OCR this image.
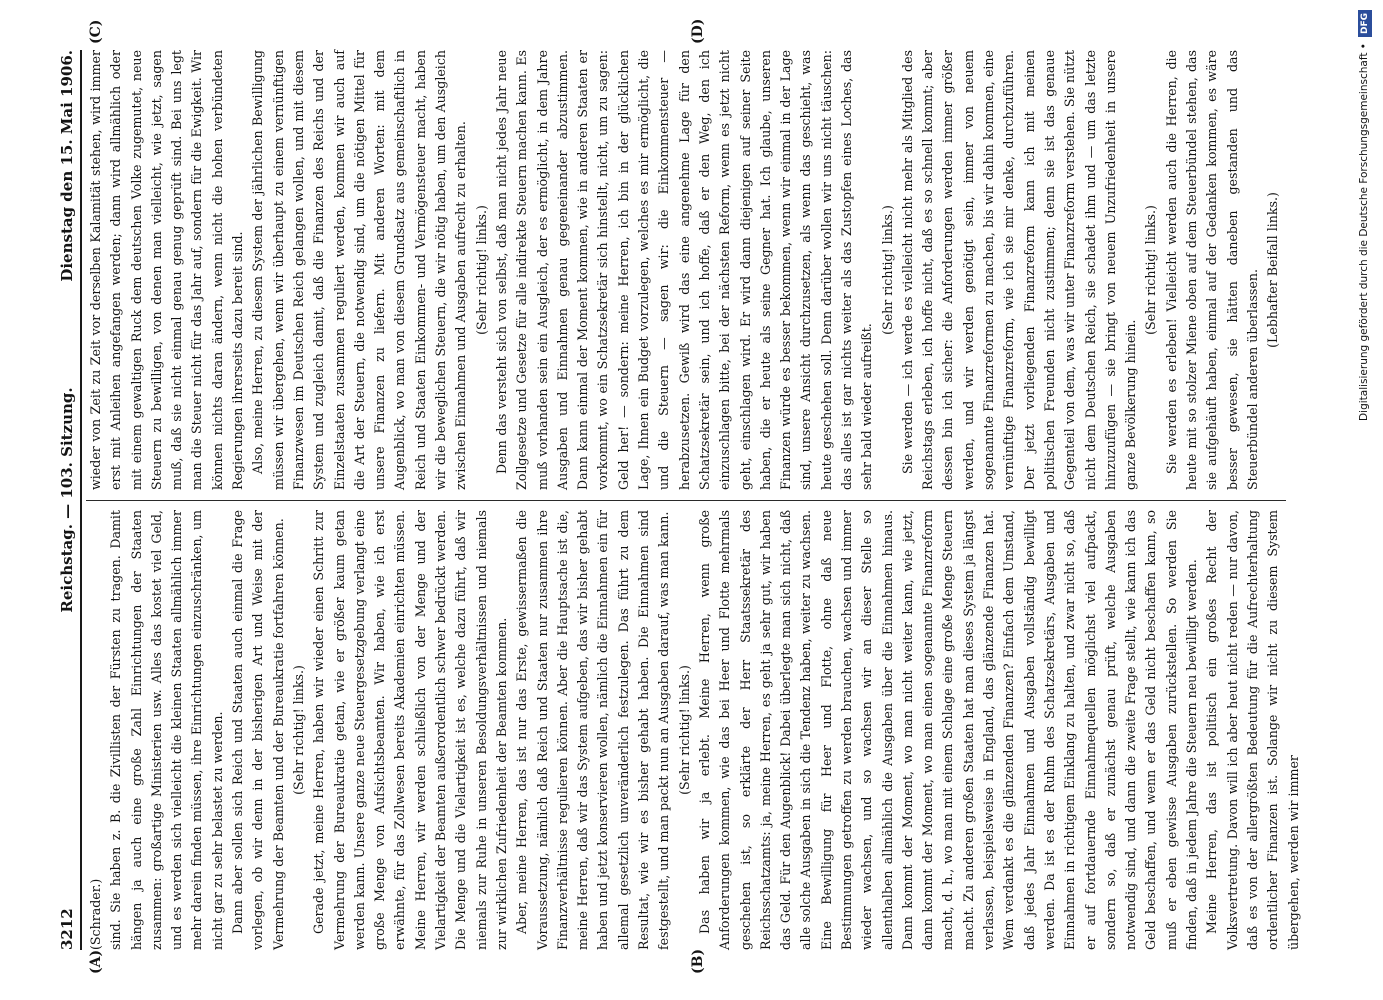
3212
Reichstag. — 103. Sitzung.
Dienstag den 15. Mai 1906.

(Schrader.) sind. Sie haben z. B. die Zivillisten der Fürsten zu tragen. Damit hängen ja auch eine große Zahl Einrichtungen der Staaten zusammen: großartige Ministerien usw. Alles das kostet viel Geld, und es werden sich vielleicht die kleinen Staaten allmählich immer mehr darein finden müssen, ihre Einrichtungen einzuschränken, um nicht gar zu sehr belastet zu werden. Dann aber sollen sich Reich und Staaten auch einmal die Frage vorlegen, ob wir denn in der bisherigen Art und Weise mit der Vermehrung der Beamten und der Bureaukratie fortfahren können. (Sehr richtig! links.) Gerade jetzt, meine Herren, haben wir wieder einen Schritt zur Vermehrung der Bureaukratie getan, wie er größer kaum getan werden kann. Unsere ganze neue Steuergesetzgebung verlangt eine große Menge von Aufsichtsbeamten. Wir haben, wie ich erst erwähnte, für das Zollwesen bereits Akademien einrichten müssen. Meine Herren, wir werden schließlich von der Menge und der Vielartigkeit der Beamten außerordentlich schwer bedrückt werden. Die Menge und die Vielartigkeit ist es, welche dazu führt, daß wir niemals zur Ruhe in unseren Besoldungsverhältnissen und niemals zur wirklichen Zufriedenheit der Beamten kommen. Aber, meine Herren, das ist nur das Erste, gewissermaßen die Voraussetzung, nämlich daß Reich und Staaten nur zusammen ihre Finanzverhältnisse regulieren können. Aber die Hauptsache ist die, meine Herren, daß wir das System aufgeben, das wir bisher gehabt haben und jetzt konservieren wollen, nämlich die Einnahmen ein für allemal gesetzlich unveränderlich festzulegen. Das führt zu dem Resultat, wie wir es bisher gehabt haben. Die Einnahmen sind festgestellt, und man packt nun an Ausgaben darauf, was man kann. (Sehr richtig! links.) Das haben wir ja erlebt. Meine Herren, wenn große Anforderungen kommen, wie das bei Heer und Flotte mehrmals geschehen ist, so erklärte der Herr Staatssekretär des Reichsschatzamts: ja, meine Herren, es geht ja sehr gut, wir haben das Geld. Für den Augenblick! Dabei überlegte man sich nicht, daß alle solche Ausgaben in sich die Tendenz haben, weiter zu wachsen. Eine Bewilligung für Heer und Flotte, ohne daß neue Bestimmungen getroffen zu werden brauchen, wachsen und immer wieder wachsen, und so wachsen wir an dieser Stelle so allenthalben allmählich die Ausgaben über die Einnahmen hinaus. Dann kommt der Moment, wo man nicht weiter kann, wie jetzt, dann kommt der Moment, wo man einen sogenannte Finanzreform macht, d. h., wo man mit einem Schlage eine große Menge Steuern macht. Zu anderen großen Staaten hat man dieses System ja längst verlassen, beispielsweise in England, das glänzende Finanzen hat. Wem verdankt es die glänzenden Finanzen? Einfach dem Umstand, daß jedes Jahr Einnahmen und Ausgaben vollständig bewilligt werden. Da ist es der Ruhm des Schatzsekretärs, Ausgaben und Einnahmen in richtigem Einklang zu halten, und zwar nicht so, daß er auf fortdauernde Einnahmequellen möglichst viel aufpackt, sondern so, daß er zunächst genau prüft, welche Ausgaben notwendig sind, und dann die zweite Frage stellt, wie kann ich das Geld beschaffen, und wenn er das Geld nicht beschaffen kann, so muß er eben gewisse Ausgaben zurückstellen. So werden Sie finden, daß in jedem Jahre die Steuern neu bewilligt werden. Meine Herren, das ist politisch ein großes Recht der Volksvertretung. Davon will ich aber heut nicht reden — nur davon, daß es von der allergrößten Bedeutung für die Aufrechterhaltung ordentlicher Finanzen ist. Solange wir nicht zu diesem System übergehen, werden wir immer

wieder von Zeit zu Zeit vor derselben Kalamität stehen, wird immer erst mit Anleihen angefangen werden; dann wird allmählich oder mit einem gewaltigen Ruck dem deutschen Volke zugemutet, neue Steuern zu bewilligen, von denen man vielleicht, wie jetzt, sagen muß, daß sie nicht einmal genau genug geprüft sind. Bei uns legt man die Steuer nicht für das Jahr auf, sondern für die Ewigkeit. Wir können nichts daran ändern, wenn nicht die hohen verbündeten Regierungen ihrerseits dazu bereit sind. Also, meine Herren, zu diesem System der jährlichen Bewilligung müssen wir übergehen, wenn wir überhaupt zu einem vernünftigen Finanzwesen im Deutschen Reich gelangen wollen, und mit diesem System und zugleich damit, daß die Finanzen des Reichs und der Einzelstaaten zusammen reguliert werden, kommen wir auch auf die Art der Steuern, die notwendig sind, um die nötigen Mittel für unsere Finanzen zu liefern. Mit anderen Worten: mit dem Augenblick, wo man von diesem Grundsatz aus gemeinschaftlich in Reich und Staaten Einkommen- und Vermögensteuer macht, haben wir die beweglichen Steuern, die wir nötig haben, um den Ausgleich zwischen Einnahmen und Ausgaben aufrecht zu erhalten. (Sehr richtig! links.) Denn das versteht sich von selbst, daß man nicht jedes Jahr neue Zollgesetze und Gesetze für alle indirekte Steuern machen kann. Es muß vorhanden sein ein Ausgleich, der es ermöglicht, in dem Jahre Ausgaben und Einnahmen genau gegeneinander abzustimmen. Dann kann einmal der Moment kommen, wie in anderen Staaten er vorkommt, wo ein Schatzsekretär sich hinstellt, nicht, um zu sagen: Geld her! — sondern: meine Herren, ich bin in der glücklichen Lage, Ihnen ein Budget vorzulegen, welches es mir ermöglicht, die und die Steuern — sagen wir: die Einkommensteuer — herabzusetzen. Gewiß wird das eine angenehme Lage für den Schatzsekretär sein, und ich hoffe, daß er den Weg, den ich einzuschlagen bitte, bei der nächsten Reform, wenn es jetzt nicht geht, einschlagen wird. Er wird dann diejenigen auf seiner Seite haben, die er heute als seine Gegner hat. Ich glaube, unseren Finanzen würde es besser bekommen, wenn wir einmal in der Lage sind, unsere Ansicht durchzusetzen, als wenn das geschieht, was heute geschehen soll. Denn darüber wollen wir uns nicht täuschen: das alles ist gar nichts weiter als das Zustopfen eines Loches, das sehr bald wieder aufreißt.

(Sehr richtig! links.) Sie werden — ich werde es vielleicht nicht mehr als Mitglied des Reichstags erleben, ich hoffe nicht, daß es so schnell kommt; aber dessen bin ich sicher: die Anforderungen werden immer größer werden, und wir werden genötigt sein, immer von neuem sogenannte Finanzreformen zu machen, bis wir dahin kommen, eine vernünftige Finanzreform, wie ich sie mir denke, durchzuführen. Der jetzt vorliegenden Finanzreform kann ich mit meinen politischen Freunden nicht zustimmen; denn sie ist das genaue Gegenteil von dem, was wir unter Finanzreform verstehen. Sie nützt nicht dem Deutschen Reich, sie schadet ihm und — um das letzte hinzuzufügen — sie bringt von neuem Unzufriedenheit in unsere ganze Bevölkerung hinein.

(Sehr richtig! links.) Sie werden es erleben! Vielleicht werden auch die Herren, die heute mit so stolzer Miene oben auf dem Steuerbündel stehen, das sie aufgehäuft haben, einmal auf der Gedanken kommen, es wäre besser gewesen, sie hätten daneben gestanden und das Steuerbündel anderen überlassen. (Lebhafter Beifall links.)

(A)	(B)
(C)	(D)
Digitalisierung gefördert durch die Deutsche Forschungsgemeinschaft •DFG
